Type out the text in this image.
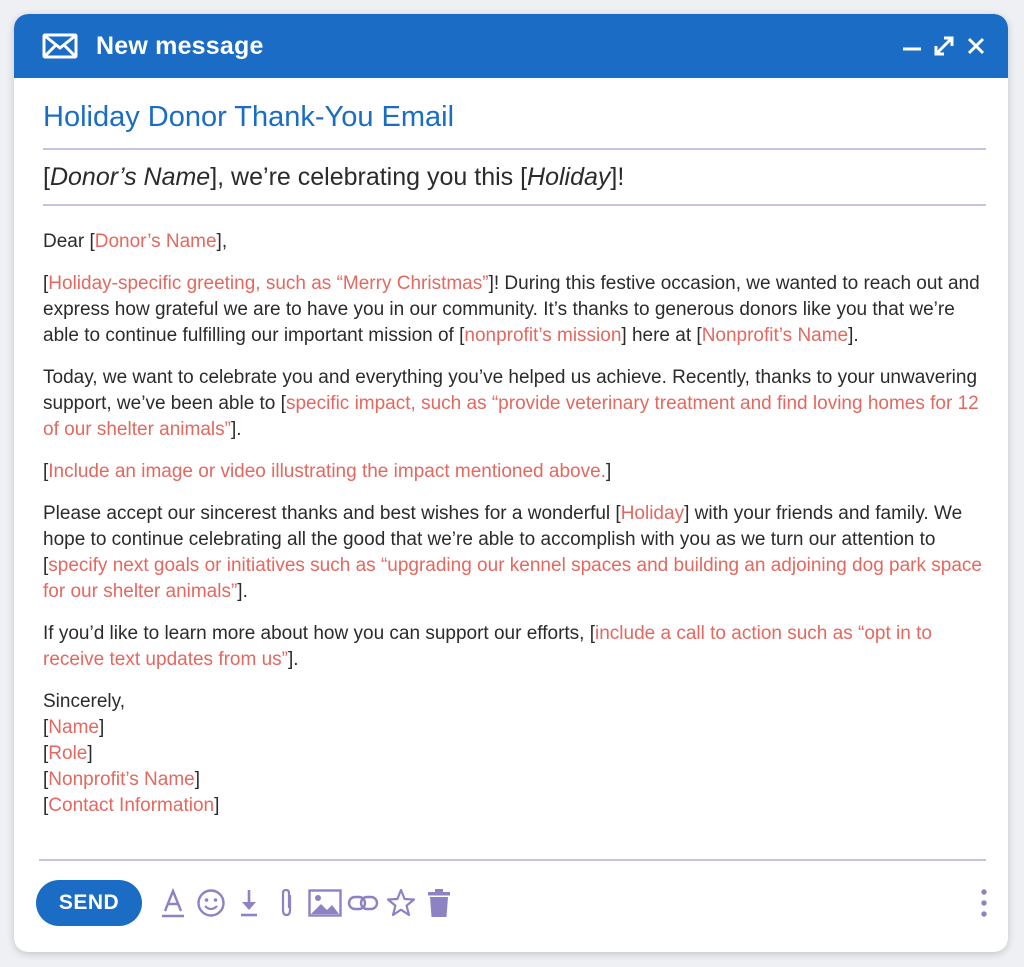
New message
Holiday Donor Thank-You Email
[Donor’s Name], we’re celebrating you this [Holiday]!

Dear [Donor’s Name],

[Holiday-specific greeting, such as “Merry Christmas”]! During this festive occasion, we wanted to reach out and express how grateful we are to have you in our community. It’s thanks to generous donors like you that we’re able to continue fulfilling our important mission of [nonprofit’s mission] here at [Nonprofit’s Name].

Today, we want to celebrate you and everything you’ve helped us achieve. Recently, thanks to your unwavering support, we’ve been able to [specific impact, such as “provide veterinary treatment and find loving homes for 12 of our shelter animals”].

[Include an image or video illustrating the impact mentioned above.]

Please accept our sincerest thanks and best wishes for a wonderful [Holiday] with your friends and family. We hope to continue celebrating all the good that we’re able to accomplish with you as we turn our attention to [specify next goals or initiatives such as “upgrading our kennel spaces and building an adjoining dog park space for our shelter animals”].

If you’d like to learn more about how you can support our efforts, [include a call to action such as “opt in to receive text updates from us”].

Sincerely,

[Name]

[Role]

[Nonprofit’s Name]

[Contact Information]

SEND
